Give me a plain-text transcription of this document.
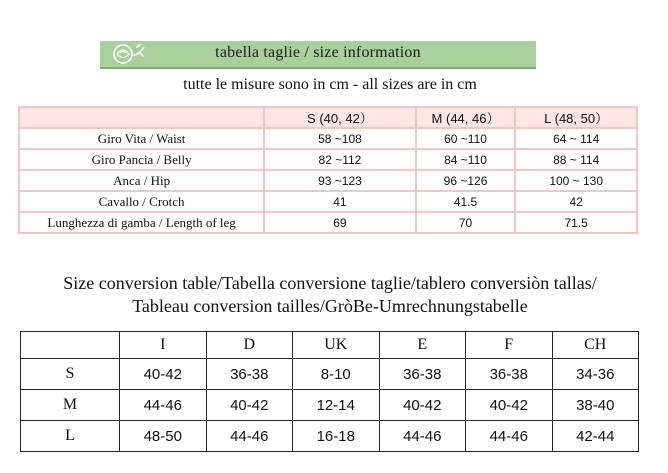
tabella taglie / size information
tutte le misure sono in cm - all sizes are in cm
	S (40, 42）	M (44, 46）	L (48, 50）
Giro Vita / Waist	58 ~108	60 ~110	64 ~ 114
Giro Pancia / Belly	82 ~112	84 ~110	88 ~ 114
Anca / Hip	93 ~123	96 ~126	100 ~ 130
Cavallo / Crotch	41	41.5	42
Lunghezza di gamba / Length of leg	69	70	71.5
Size conversion table/Tabella conversione taglie/tablero conversiòn tallas/
Tableau conversion tailles/GròBe-Umrechnungstabelle
	I	D	UK	E	F	CH
S	40-42	36-38	8-10	36-38	36-38	34-36
M	44-46	40-42	12-14	40-42	40-42	38-40
L	48-50	44-46	16-18	44-46	44-46	42-44
